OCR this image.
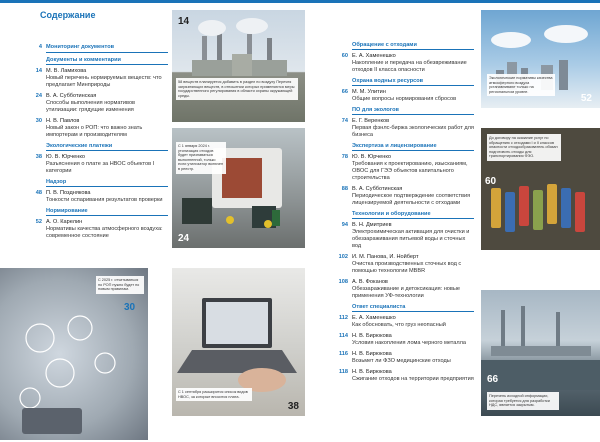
Содержание
4 Мониторинг документов
Документы и комментарии
14 М. В. Ламихова
Новый перечень нормируемых веществ: что предлагает Минприроды
24 В. А. Субботинская
Способы выполнения нормативов утилизации: грядущие изменения
30 Н. В. Павлов
Новый закон о РОП: что важно знать импортерам и производителям
Экологические платежи
38 Ю. В. Юрченко
Разъяснения о плате за НВОС объектов I категории
Надзор
48 П. В. Позднякова
Тонкости оспаривания результатов проверки
Нормирование
52 А. О. Карелин
Нормативы качества атмосферного воздуха: современное состояние
Обращение с отходами
60 Е. А. Хаменешко
Накопление и передача на обезвреживание отходов II класса опасности
Охрана водных ресурсов
66 М. М. Улитин
Общие вопросы нормирования сбросов
ПО для экологов
74 Е. Г. Веренков
Первая фэнлс-биржа экологических работ для бизнеса
Экспертиза и лицензирование
78 Ю. В. Юрченко
Требования к проектированию, изысканиям, ОВОС для ГЭЭ объектов капитального строительства
88 В. А. Субботинская
Периодическое подтверждение соответствия лицензируемой деятельности с отходами
Технологии и оборудование
94 В. Н. Дмитриев
Электрохимическая активация для очистки и обеззараживания питьевой воды и сточных вод
102 И. М. Панова, И. Нойберт
Очистка производственных сточных вод с помощью технологии MBBR
108 А. В. Фоканов
Обеззараживание и детоксикация: новые применения УФ-технологии
Ответ специалиста
112 Е. А. Хаменешко
Как обосновать, что груз неопасный
114 Н. В. Бирюкова
Условия накопления лома черного металла
116 Н. В. Бирюкова
Возьмет ли ФЗО медицинские отходы
118 Н. В. Бирюкова
Сжигание отходов на территории предприятия
14
58 веществ планируется добавить в раздел по воздуху Перечня загрязняющих веществ, в отношении которых применяются меры государственного регулирования в области охраны окружающей среды.
С 1 января 2024 г. утилизация отходов будет признаваться выполненной, только если утилизатор включен в реестр.
24
С 2025 г. отчитываться по РОП нужно будет по новым правилам.
30
С 1 сентября расширится список видов НВОС, за которые вносится плата.
38
Экологические нормативы качества атмосферного воздуха устанавливают только на региональном уровне.
52
До договору на оказание услуг по обращению с отходами I и II классов опасности отходообразователь обязан подготовить отходы для транспортирования ФЭО.
60
66
Перечень исходной информации, которая требуется для разработки НДС, является закрытым.
